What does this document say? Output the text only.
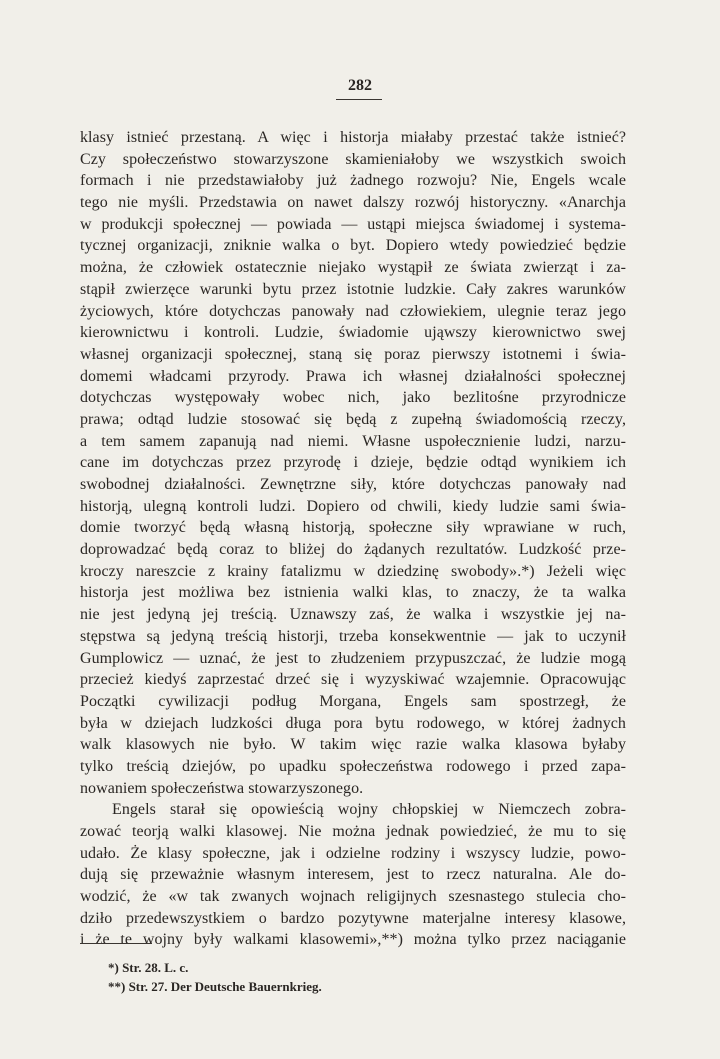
282
klasy istnieć przestaną. A więc i historja miałaby przestać także istnieć?
Czy społeczeństwo stowarzyszone skamieniałoby we wszystkich swoich
formach i nie przedstawiałoby już żadnego rozwoju? Nie, Engels wcale
tego nie myśli. Przedstawia on nawet dalszy rozwój historyczny. «Anarchja
w produkcji społecznej — powiada — ustąpi miejsca świadomej i systema-
tycznej organizacji, zniknie walka o byt. Dopiero wtedy powiedzieć będzie
można, że człowiek ostatecznie niejako wystąpił ze świata zwierząt i za-
stąpił zwierzęce warunki bytu przez istotnie ludzkie. Cały zakres warunków
życiowych, które dotychczas panowały nad człowiekiem, ulegnie teraz jego
kierownictwu i kontroli. Ludzie, świadomie ująwszy kierownictwo swej
własnej organizacji społecznej, staną się poraz pierwszy istotnemi i świa-
domemi władcami przyrody. Prawa ich własnej działalności społecznej
dotychczas występowały wobec nich, jako bezlitośne przyrodnicze
prawa; odtąd ludzie stosować się będą z zupełną świadomością rzeczy,
a tem samem zapanują nad niemi. Własne uspołecznienie ludzi, narzu-
cane im dotychczas przez przyrodę i dzieje, będzie odtąd wynikiem ich
swobodnej działalności. Zewnętrzne siły, które dotychczas panowały nad
historją, ulegną kontroli ludzi. Dopiero od chwili, kiedy ludzie sami świa-
domie tworzyć będą własną historją, społeczne siły wprawiane w ruch,
doprowadzać będą coraz to bliżej do żądanych rezultatów. Ludzkość prze-
kroczy nareszcie z krainy fatalizmu w dziedzinę swobody».*) Jeżeli więc
historja jest możliwa bez istnienia walki klas, to znaczy, że ta walka
nie jest jedyną jej treścią. Uznawszy zaś, że walka i wszystkie jej na-
stępstwa są jedyną treścią historji, trzeba konsekwentnie — jak to uczynił
Gumplowicz — uznać, że jest to złudzeniem przypuszczać, że ludzie mogą
przecież kiedyś zaprzestać drzeć się i wyzyskiwać wzajemnie. Opracowując
Początki cywilizacji podług Morgana, Engels sam spostrzegł, że
była w dziejach ludzkości długa pora bytu rodowego, w której żadnych
walk klasowych nie było. W takim więc razie walka klasowa byłaby
tylko treścią dziejów, po upadku społeczeństwa rodowego i przed zapa-
nowaniem społeczeństwa stowarzyszonego.
Engels starał się opowieścią wojny chłopskiej w Niemczech zobra-
zować teorją walki klasowej. Nie można jednak powiedzieć, że mu to się
udało. Że klasy społeczne, jak i odzielne rodziny i wszyscy ludzie, powo-
dują się przeważnie własnym interesem, jest to rzecz naturalna. Ale do-
wodzić, że «w tak zwanych wojnach religijnych szesnastego stulecia cho-
dziło przedewszystkiem o bardzo pozytywne materjalne interesy klasowe,
i że te wojny były walkami klasowemi»,**) można tylko przez naciąganie
*) Str. 28. L. c.
**) Str. 27. Der Deutsche Bauernkrieg.
